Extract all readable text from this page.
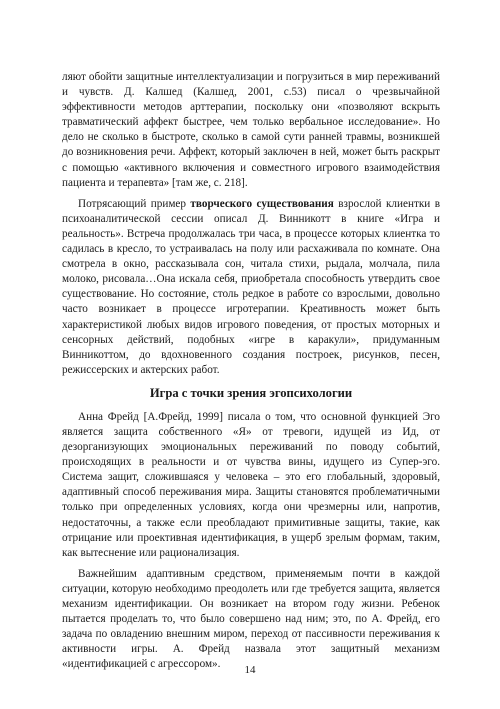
ляют обойти защитные интеллектуализации и погрузиться в мир переживаний и чувств. Д. Калшед (Калшед, 2001, с.53) писал о чрезвычайной эффективности методов арттерапии, поскольку они «позволяют вскрыть травматический аффект быстрее, чем только вербальное исследование». Но дело не сколько в быстроте, сколько в самой сути ранней травмы, возникшей до возникновения речи. Аффект, который заключен в ней, может быть раскрыт с помощью «активного включения и совместного игрового взаимодействия пациента и терапевта» [там же, с. 218].

Потрясающий пример творческого существования взрослой клиентки в психоаналитической сессии описал Д. Винникотт в книге «Игра и реальность». Встреча продолжалась три часа, в процессе которых клиентка то садилась в кресло, то устраивалась на полу или расхаживала по комнате. Она смотрела в окно, рассказывала сон, читала стихи, рыдала, молчала, пила молоко, рисовала…Она искала себя, приобретала способность утвердить свое существование. Но состояние, столь редкое в работе со взрослыми, довольно часто возникает в процессе игротерапии. Креативность может быть характеристикой любых видов игрового поведения, от простых моторных и сенсорных действий, подобных «игре в каракули», придуманным Винникоттом, до вдохновенного создания построек, рисунков, песен, режиссерских и актерских работ.

Игра с точки зрения эгопсихологии

Анна Фрейд [А.Фрейд, 1999] писала о том, что основной функцией Эго является защита собственного «Я» от тревоги, идущей из Ид, от дезорганизующих эмоциональных переживаний по поводу событий, происходящих в реальности и от чувства вины, идущего из Супер-эго. Система защит, сложившаяся у человека – это его глобальный, здоровый, адаптивный способ переживания мира. Защиты становятся проблематичными только при определенных условиях, когда они чрезмерны или, напротив, недостаточны, а также если преобладают примитивные защиты, такие, как отрицание или проективная идентификация, в ущерб зрелым формам, таким, как вытеснение или рационализация.

Важнейшим адаптивным средством, применяемым почти в каждой ситуации, которую необходимо преодолеть или где требуется защита, является механизм идентификации. Он возникает на втором году жизни. Ребенок пытается проделать то, что было совершено над ним; это, по А. Фрейд, его задача по овладению внешним миром, переход от пассивности переживания к активности игры. А. Фрейд назвала этот защитный механизм «идентификацией с агрессором».	14
